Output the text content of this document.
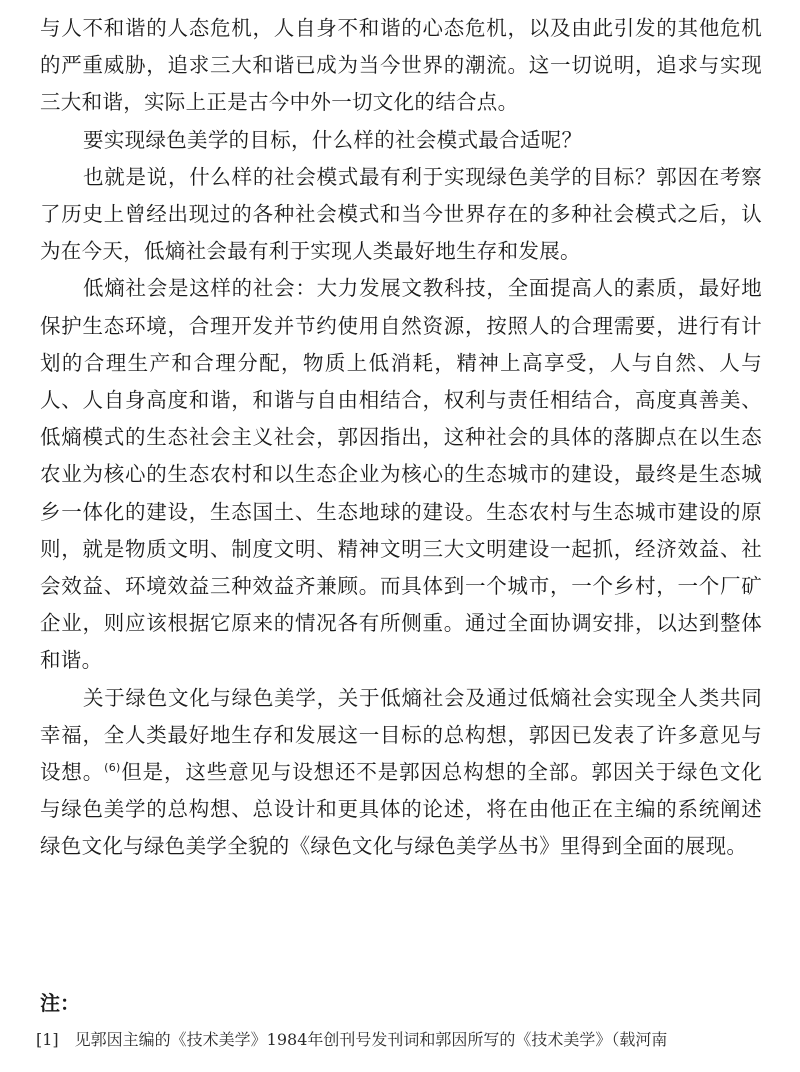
与人不和谐的人态危机，人自身不和谐的心态危机，以及由此引发的其他危机的严重威胁，追求三大和谐已成为当今世界的潮流。这一切说明，追求与实现三大和谐，实际上正是古今中外一切文化的结合点。

要实现绿色美学的目标，什么样的社会模式最合适呢？

也就是说，什么样的社会模式最有利于实现绿色美学的目标？郭因在考察了历史上曾经出现过的各种社会模式和当今世界存在的多种社会模式之后，认为在今天，低熵社会最有利于实现人类最好地生存和发展。

低熵社会是这样的社会：大力发展文教科技，全面提高人的素质，最好地保护生态环境，合理开发并节约使用自然资源，按照人的合理需要，进行有计划的合理生产和合理分配，物质上低消耗，精神上高享受，人与自然、人与人、人自身高度和谐，和谐与自由相结合，权利与责任相结合，高度真善美、低熵模式的生态社会主义社会，郭因指出，这种社会的具体的落脚点在以生态农业为核心的生态农村和以生态企业为核心的生态城市的建设，最终是生态城乡一体化的建设，生态国土、生态地球的建设。生态农村与生态城市建设的原则，就是物质文明、制度文明、精神文明三大文明建设一起抓，经济效益、社会效益、环境效益三种效益齐兼顾。而具体到一个城市，一个乡村，一个厂矿企业，则应该根据它原来的情况各有所侧重。通过全面协调安排，以达到整体和谐。

关于绿色文化与绿色美学，关于低熵社会及通过低熵社会实现全人类共同幸福，全人类最好地生存和发展这一目标的总构想，郭因已发表了许多意见与设想。$^{(6)}$但是，这些意见与设想还不是郭因总构想的全部。郭因关于绿色文化与绿色美学的总构想、总设计和更具体的论述，将在由他正在主编的系统阐述绿色文化与绿色美学全貌的《绿色文化与绿色美学丛书》里得到全面的展现。

注：

[1] 见郭因主编的《技术美学》1984年创刊号发刊词和郭因所写的《技术美学》（载河南
